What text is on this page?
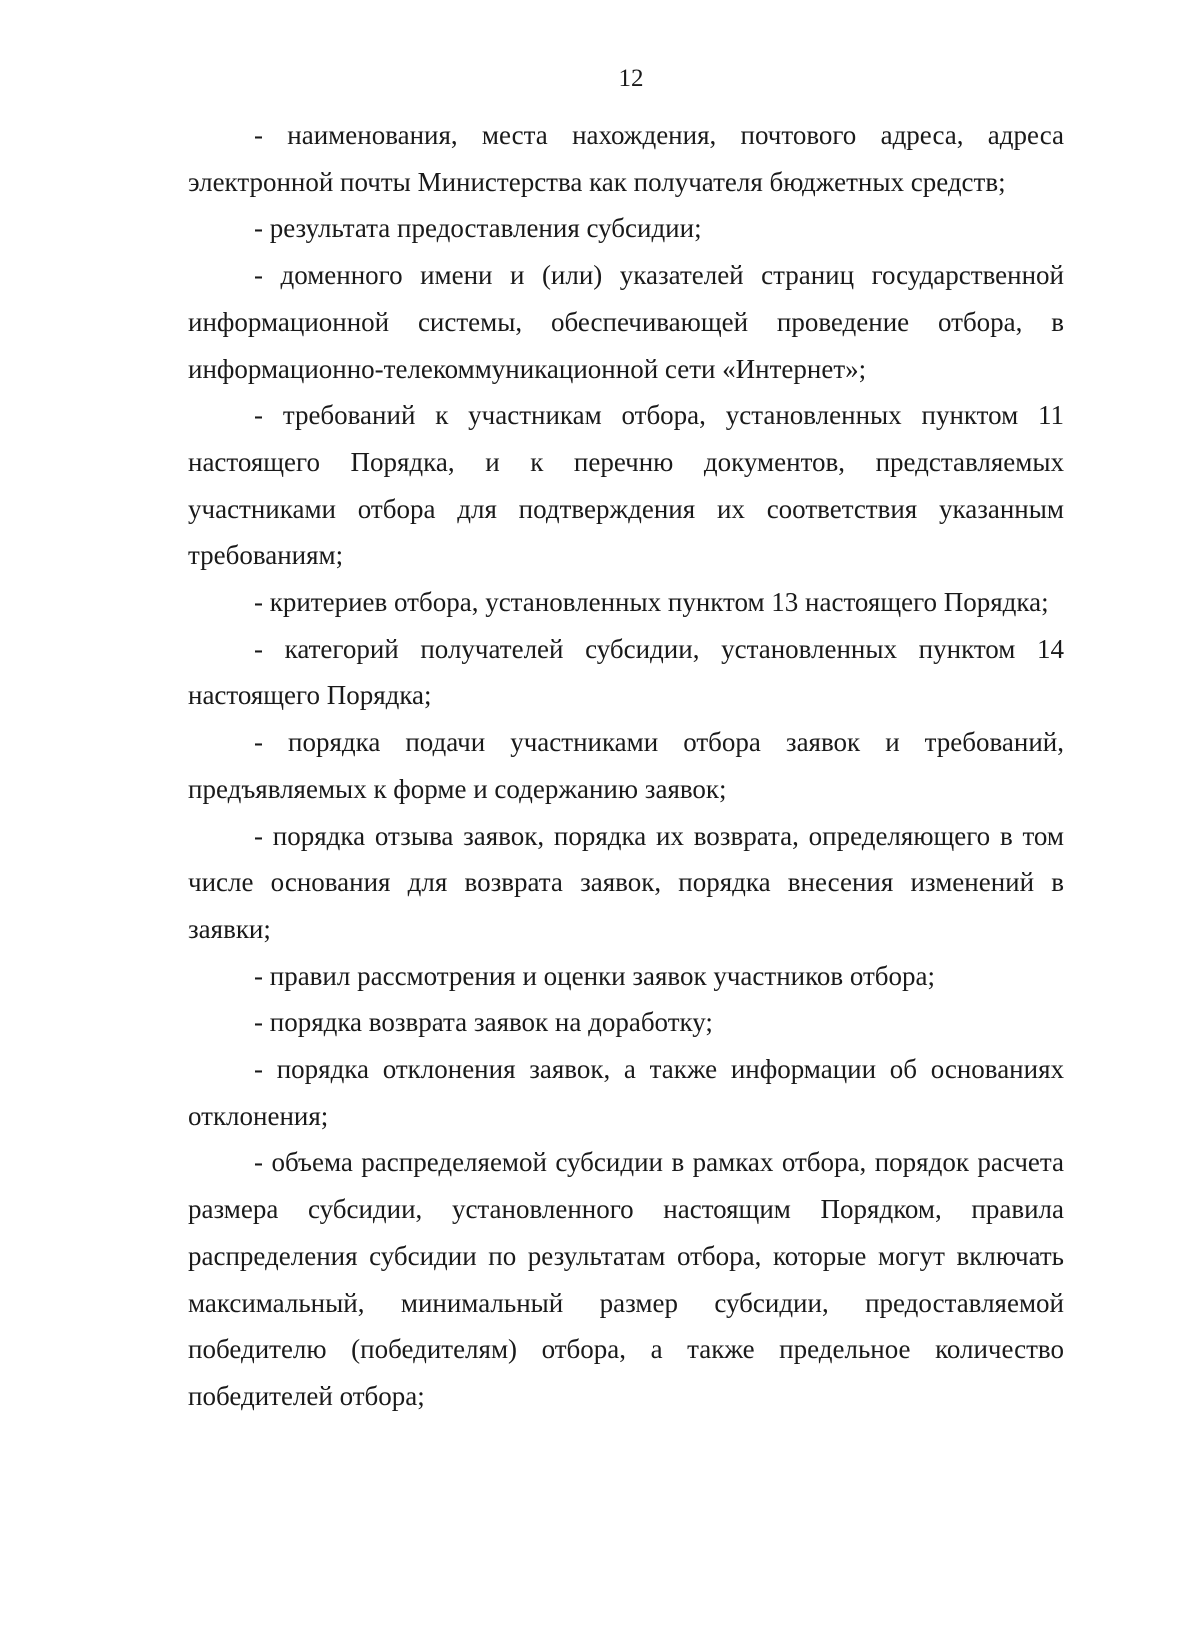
12

- наименования, места нахождения, почтового адреса, адреса электронной почты Министерства как получателя бюджетных средств;

- результата предоставления субсидии;

- доменного имени и (или) указателей страниц государственной информационной системы, обеспечивающей проведение отбора, в информационно-телекоммуникационной сети «Интернет»;

- требований к участникам отбора, установленных пунктом 11 настоящего Порядка, и к перечню документов, представляемых участниками отбора для подтверждения их соответствия указанным требованиям;

- критериев отбора, установленных пунктом 13 настоящего Порядка;

- категорий получателей субсидии, установленных пунктом 14 настоящего Порядка;

- порядка подачи участниками отбора заявок и требований, предъявляемых к форме и содержанию заявок;

- порядка отзыва заявок, порядка их возврата, определяющего в том числе основания для возврата заявок, порядка внесения изменений в заявки;

- правил рассмотрения и оценки заявок участников отбора;

- порядка возврата заявок на доработку;

- порядка отклонения заявок, а также информации об основаниях отклонения;

- объема распределяемой субсидии в рамках отбора, порядок расчета размера субсидии, установленного настоящим Порядком, правила распределения субсидии по результатам отбора, которые могут включать максимальный, минимальный размер субсидии, предоставляемой победителю (победителям) отбора, а также предельное количество победителей отбора;
